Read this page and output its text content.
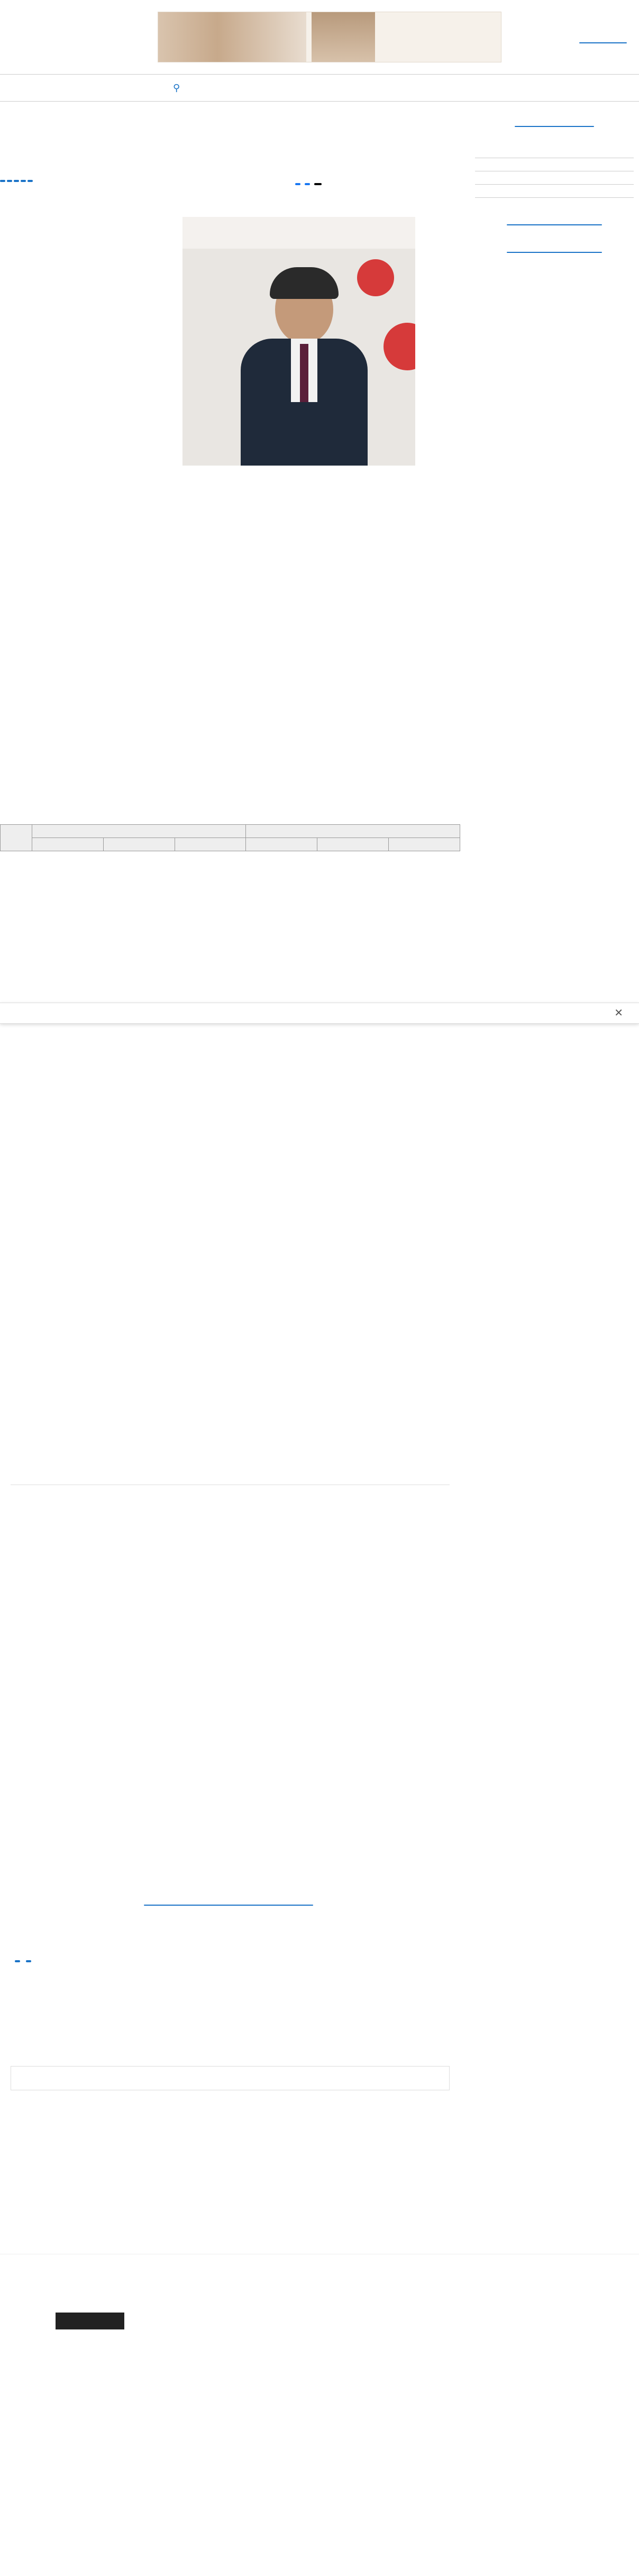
⚲

✕
